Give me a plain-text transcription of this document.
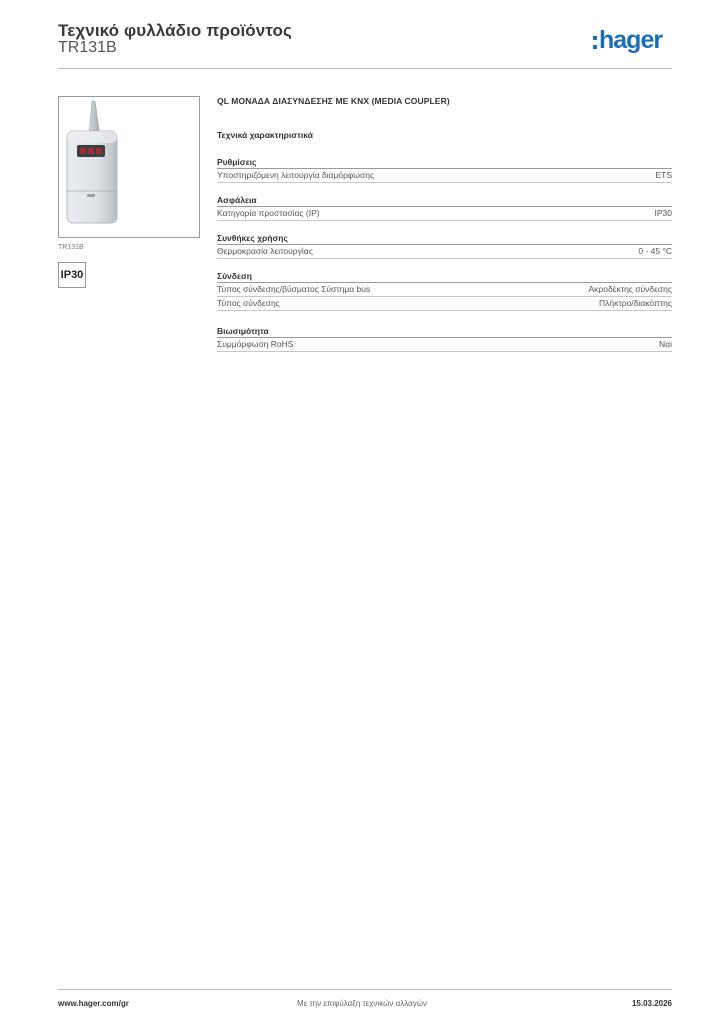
Τεχνικό φυλλάδιο προϊόντος
TR131B	hager
TR131B
IP30
QL ΜΟΝΑΔΑ ΔΙΑΣΥΝΔΕΣΗΣ ΜΕ KNX (MEDIA COUPLER)
Τεχνικά χαρακτηριστικά
Ρυθμίσεις
Υποστηριζόμενη λειτουργία διαμόρφωσης	ETS
Ασφάλεια
Κατηγορία προστασίας (IP)	IP30
Συνθήκες χρήσης
Θερμοκρασία λειτουργίας	0 - 45 °C
Σύνδεση
Τύπος σύνδεσης/βύσματος Σύστημα bus	Ακροδέκτης σύνδεσης
Τύπος σύνδεσης	Πλήκτρο/διακόπτης
Βιωσιμότητα
Συμμόρφωση RoHS	Ναι
www.hager.com/gr	Με την επιφύλαξη τεχνικών αλλαγών	15.03.2026
